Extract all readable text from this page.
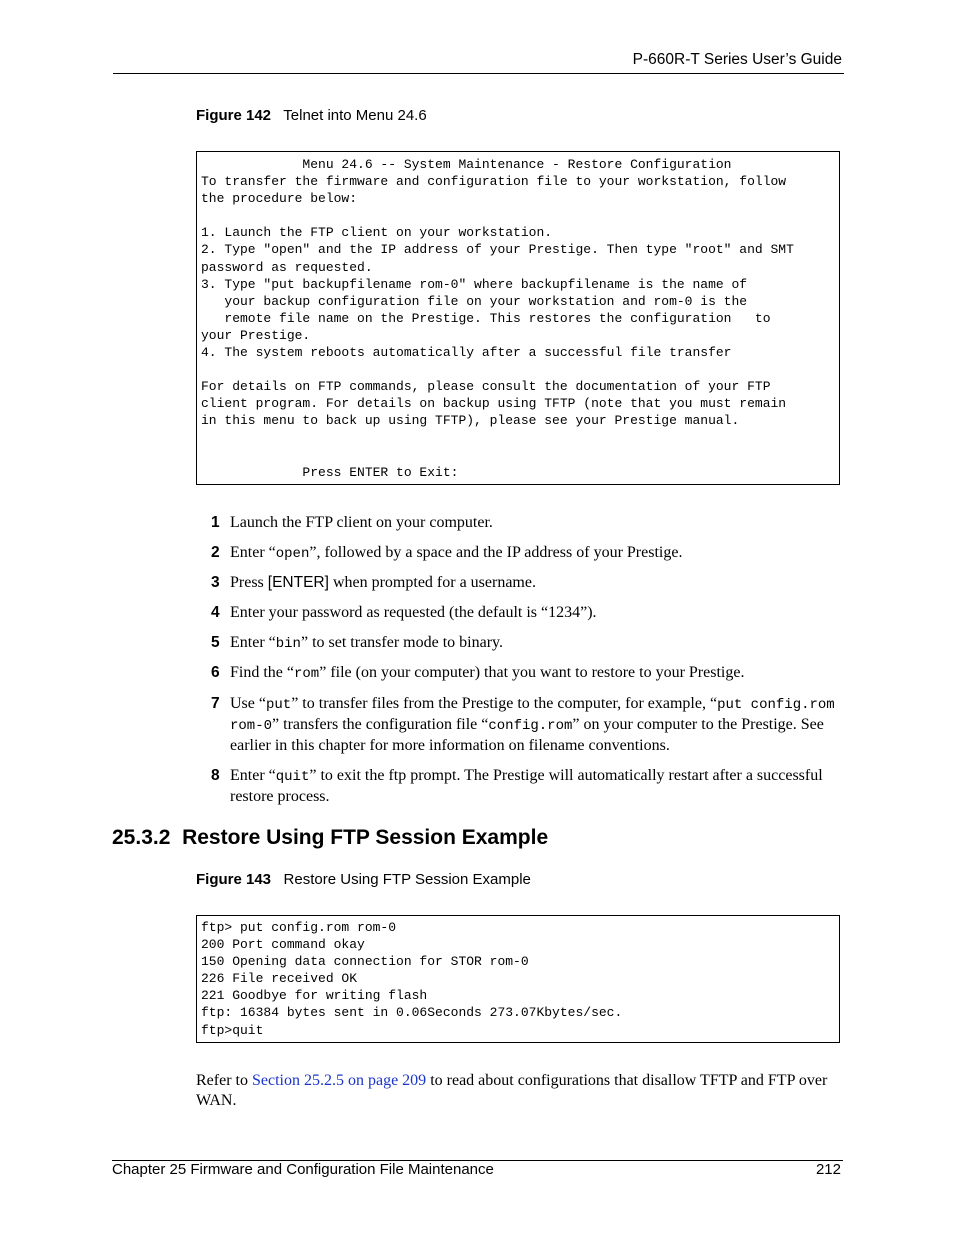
P-660R-T Series User’s Guide
Figure 142 Telnet into Menu 24.6
Menu 24.6 -- System Maintenance - Restore Configuration
To transfer the firmware and configuration file to your workstation, follow
the procedure below:

1. Launch the FTP client on your workstation.
2. Type "open" and the IP address of your Prestige. Then type "root" and SMT
password as requested.
3. Type "put backupfilename rom-0" where backupfilename is the name of
your backup configuration file on your workstation and rom-0 is the
remote file name on the Prestige. This restores the configuration   to
your Prestige.
4. The system reboots automatically after a successful file transfer

For details on FTP commands, please consult the documentation of your FTP
client program. For details on backup using TFTP (note that you must remain
in this menu to back up using TFTP), please see your Prestige manual.

Press ENTER to Exit:
1 Launch the FTP client on your computer.
2 Enter “open”, followed by a space and the IP address of your Prestige.
3 Press [ENTER] when prompted for a username.
4 Enter your password as requested (the default is “1234”).
5 Enter “bin” to set transfer mode to binary.
6 Find the “rom” file (on your computer) that you want to restore to your Prestige.
7 Use “put” to transfer files from the Prestige to the computer, for example, “put config.rom rom-0” transfers the configuration file “config.rom” on your computer to the Prestige. See earlier in this chapter for more information on filename conventions.
8 Enter “quit” to exit the ftp prompt. The Prestige will automatically restart after a successful restore process.
25.3.2 Restore Using FTP Session Example
Figure 143 Restore Using FTP Session Example
ftp> put config.rom rom-0
200 Port command okay
150 Opening data connection for STOR rom-0
226 File received OK
221 Goodbye for writing flash
ftp: 16384 bytes sent in 0.06Seconds 273.07Kbytes/sec.
ftp>quit
Refer to Section 25.2.5 on page 209 to read about configurations that disallow TFTP and FTP over WAN.
Chapter 25 Firmware and Configuration File Maintenance	212
